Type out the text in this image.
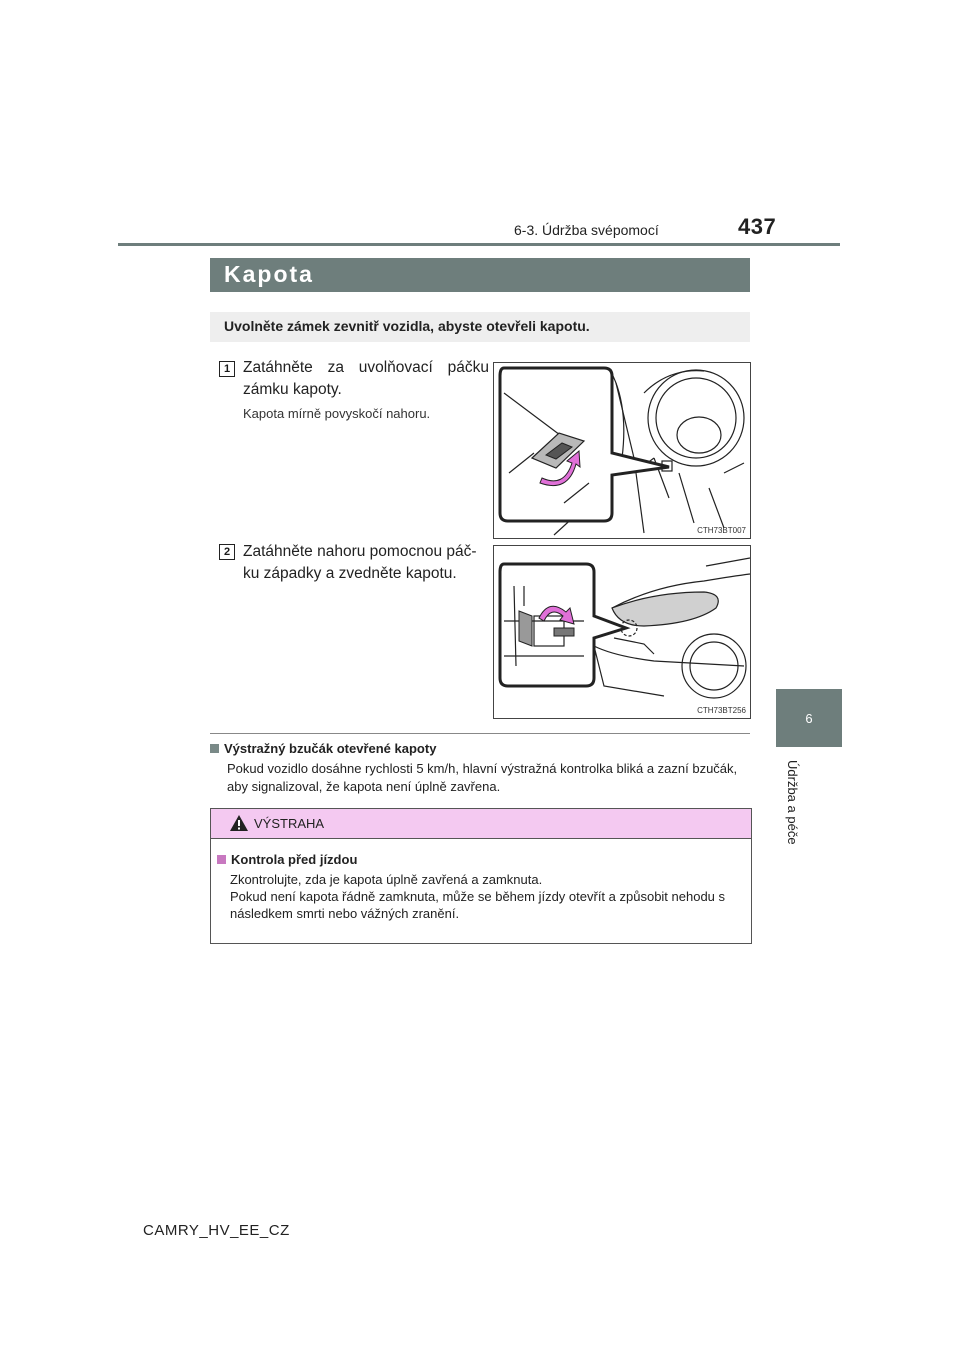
6-3. Údržba svépomocí	437
6
Údržba a péče
Kapota
Uvolněte zámek zevnitř vozidla, abyste otevřeli kapotu.
1 Zatáhněte za uvolňovací páčku
zámku kapoty.
Kapota mírně povyskočí nahoru.
CTH73BT007
2 Zatáhněte nahoru pomocnou páč-
ku západky a zvedněte kapotu.
CTH73BT256
Výstražný bzučák otevřené kapoty
Pokud vozidlo dosáhne rychlosti 5 km/h, hlavní výstražná kontrolka bliká a zazní bzučák, aby signalizoval, že kapota není úplně zavřena.
VÝSTRAHA
Kontrola před jízdou
Zkontrolujte, zda je kapota úplně zavřená a zamknuta.
Pokud není kapota řádně zamknuta, může se během jízdy otevřít a způsobit nehodu s následkem smrti nebo vážných zranění.
CAMRY_HV_EE_CZ
